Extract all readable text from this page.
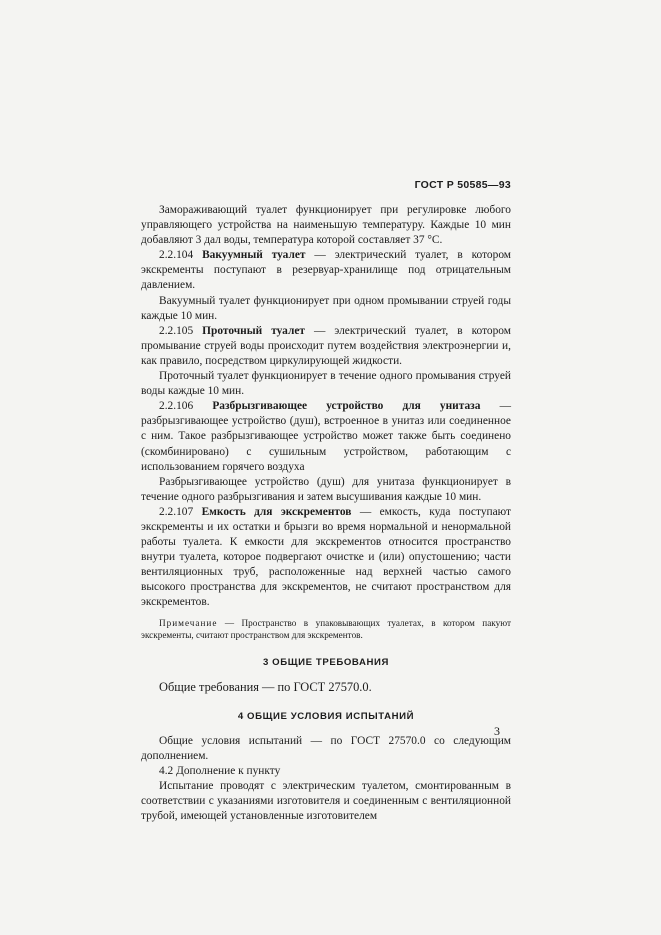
ГОСТ Р 50585—93

Замораживающий туалет функционирует при регулировке любого управляющего устройства на наименьшую температуру. Каждые 10 мин добавляют 3 дал воды, температура которой составляет 37 °С.

2.2.104 Вакуумный туалет — электрический туалет, в котором экскременты поступают в резервуар-хранилище под отрицательным давлением.

Вакуумный туалет функционирует при одном промывании струей годы каждые 10 мин.

2.2.105 Проточный туалет — электрический туалет, в котором промывание струей воды происходит путем воздействия электроэнергии и, как правило, посредством циркулирующей жидкости.

Проточный туалет функционирует в течение одного промывания струей воды каждые 10 мин.

2.2.106 Разбрызгивающее устройство для унитаза — разбрызгивающее устройство (душ), встроенное в унитаз или соединенное с ним. Такое разбрызгивающее устройство может также быть соединено (скомбинировано) с сушильным устройством, работающим с использованием горячего воздуха

Разбрызгивающее устройство (душ) для унитаза функционирует в течение одного разбрызгивания и затем высушивания каждые 10 мин.

2.2.107 Емкость для экскрементов — емкость, куда поступают экскременты и их остатки и брызги во время нормальной и ненормальной работы туалета. К емкости для экскрементов относится пространство внутри туалета, которое подвергают очистке и (или) опустошению; части вентиляционных труб, расположенные над верхней частью самого высокого пространства для экскрементов, не считают пространством для экскрементов.

Примечание — Пространство в упаковывающих туалетах, в котором пакуют экскременты, считают пространством для экскрементов.
3 ОБЩИЕ ТРЕБОВАНИЯ

Общие требования — по ГОСТ 27570.0.

4 ОБЩИЕ УСЛОВИЯ ИСПЫТАНИЙ

Общие условия испытаний — по ГОСТ 27570.0 со следующим дополнением.

4.2 Дополнение к пункту

Испытание проводят с электрическим туалетом, смонтированным в соответствии с указаниями изготовителя и соединенным с вентиляционной трубой, имеющей установленные изготовителем

3
